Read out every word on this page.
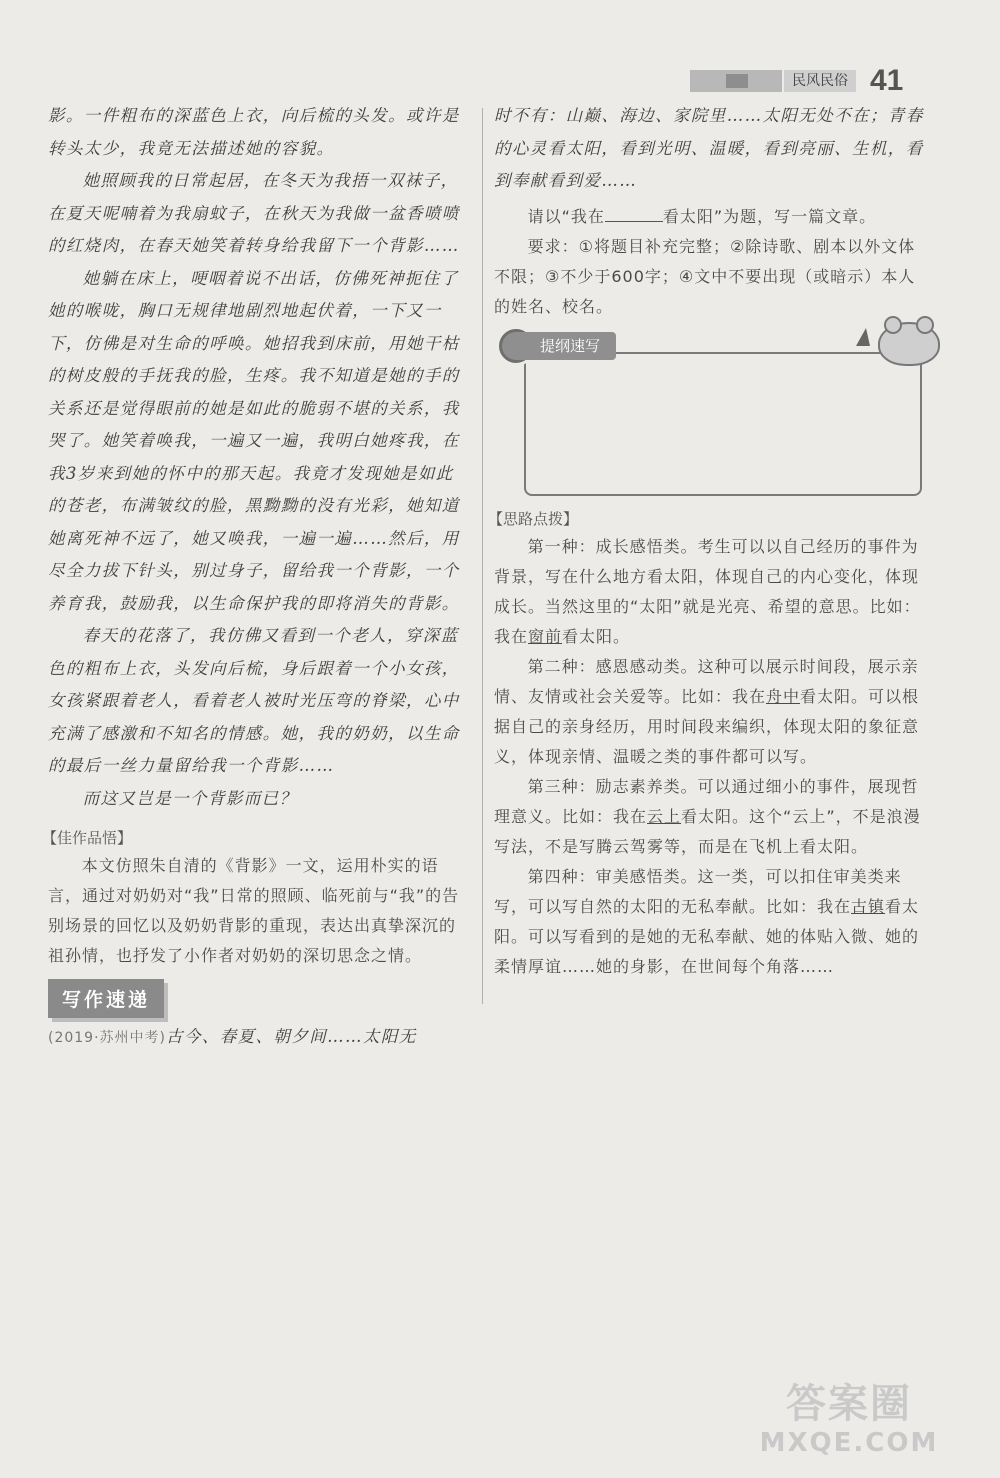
民风民俗 41

影。一件粗布的深蓝色上衣，向后梳的头发。或许是转头太少，我竟无法描述她的容貌。

她照顾我的日常起居，在冬天为我捂一双袜子，在夏天呢喃着为我扇蚊子，在秋天为我做一盆香喷喷的红烧肉，在春天她笑着转身给我留下一个背影……

她躺在床上，哽咽着说不出话，仿佛死神扼住了她的喉咙，胸口无规律地剧烈地起伏着，一下又一下，仿佛是对生命的呼唤。她招我到床前，用她干枯的树皮般的手抚我的脸，生疼。我不知道是她的手的关系还是觉得眼前的她是如此的脆弱不堪的关系，我哭了。她笑着唤我，一遍又一遍，我明白她疼我，在我3岁来到她的怀中的那天起。我竟才发现她是如此的苍老，布满皱纹的脸，黑黝黝的没有光彩，她知道她离死神不远了，她又唤我，一遍一遍……然后，用尽全力拔下针头，别过身子，留给我一个背影，一个养育我，鼓励我，以生命保护我的即将消失的背影。

春天的花落了，我仿佛又看到一个老人，穿深蓝色的粗布上衣，头发向后梳，身后跟着一个小女孩，女孩紧跟着老人，看着老人被时光压弯的脊梁，心中充满了感激和不知名的情感。她，我的奶奶，以生命的最后一丝力量留给我一个背影……

而这又岂是一个背影而已？

【佳作品悟】

本文仿照朱自清的《背影》一文，运用朴实的语言，通过对奶奶对“我”日常的照顾、临死前与“我”的告别场景的回忆以及奶奶背影的重现，表达出真挚深沉的祖孙情，也抒发了小作者对奶奶的深切思念之情。

写作速递

(2019·苏州中考)古今、春夏、朝夕间……太阳无

时不有：山巅、海边、家院里……太阳无处不在；青春的心灵看太阳，看到光明、温暖，看到亮丽、生机，看到奉献看到爱……

请以“我在	看太阳”为题，写一篇文章。

要求：①将题目补充完整；②除诗歌、剧本以外文体不限；③不少于600字；④文中不要出现（或暗示）本人的姓名、校名。

提纲速写
【思路点拨】

第一种：成长感悟类。考生可以以自己经历的事件为背景，写在什么地方看太阳，体现自己的内心变化，体现成长。当然这里的“太阳”就是光亮、希望的意思。比如：我在窗前看太阳。

第二种：感恩感动类。这种可以展示时间段，展示亲情、友情或社会关爱等。比如：我在舟中看太阳。可以根据自己的亲身经历，用时间段来编织，体现太阳的象征意义，体现亲情、温暖之类的事件都可以写。

第三种：励志素养类。可以通过细小的事件，展现哲理意义。比如：我在云上看太阳。这个“云上”，不是浪漫写法，不是写腾云驾雾等，而是在飞机上看太阳。

第四种：审美感悟类。这一类，可以扣住审美类来写，可以写自然的太阳的无私奉献。比如：我在古镇看太阳。可以写看到的是她的无私奉献、她的体贴入微、她的柔情厚谊……她的身影，在世间每个角落……

答案圈
MXQE.COM
